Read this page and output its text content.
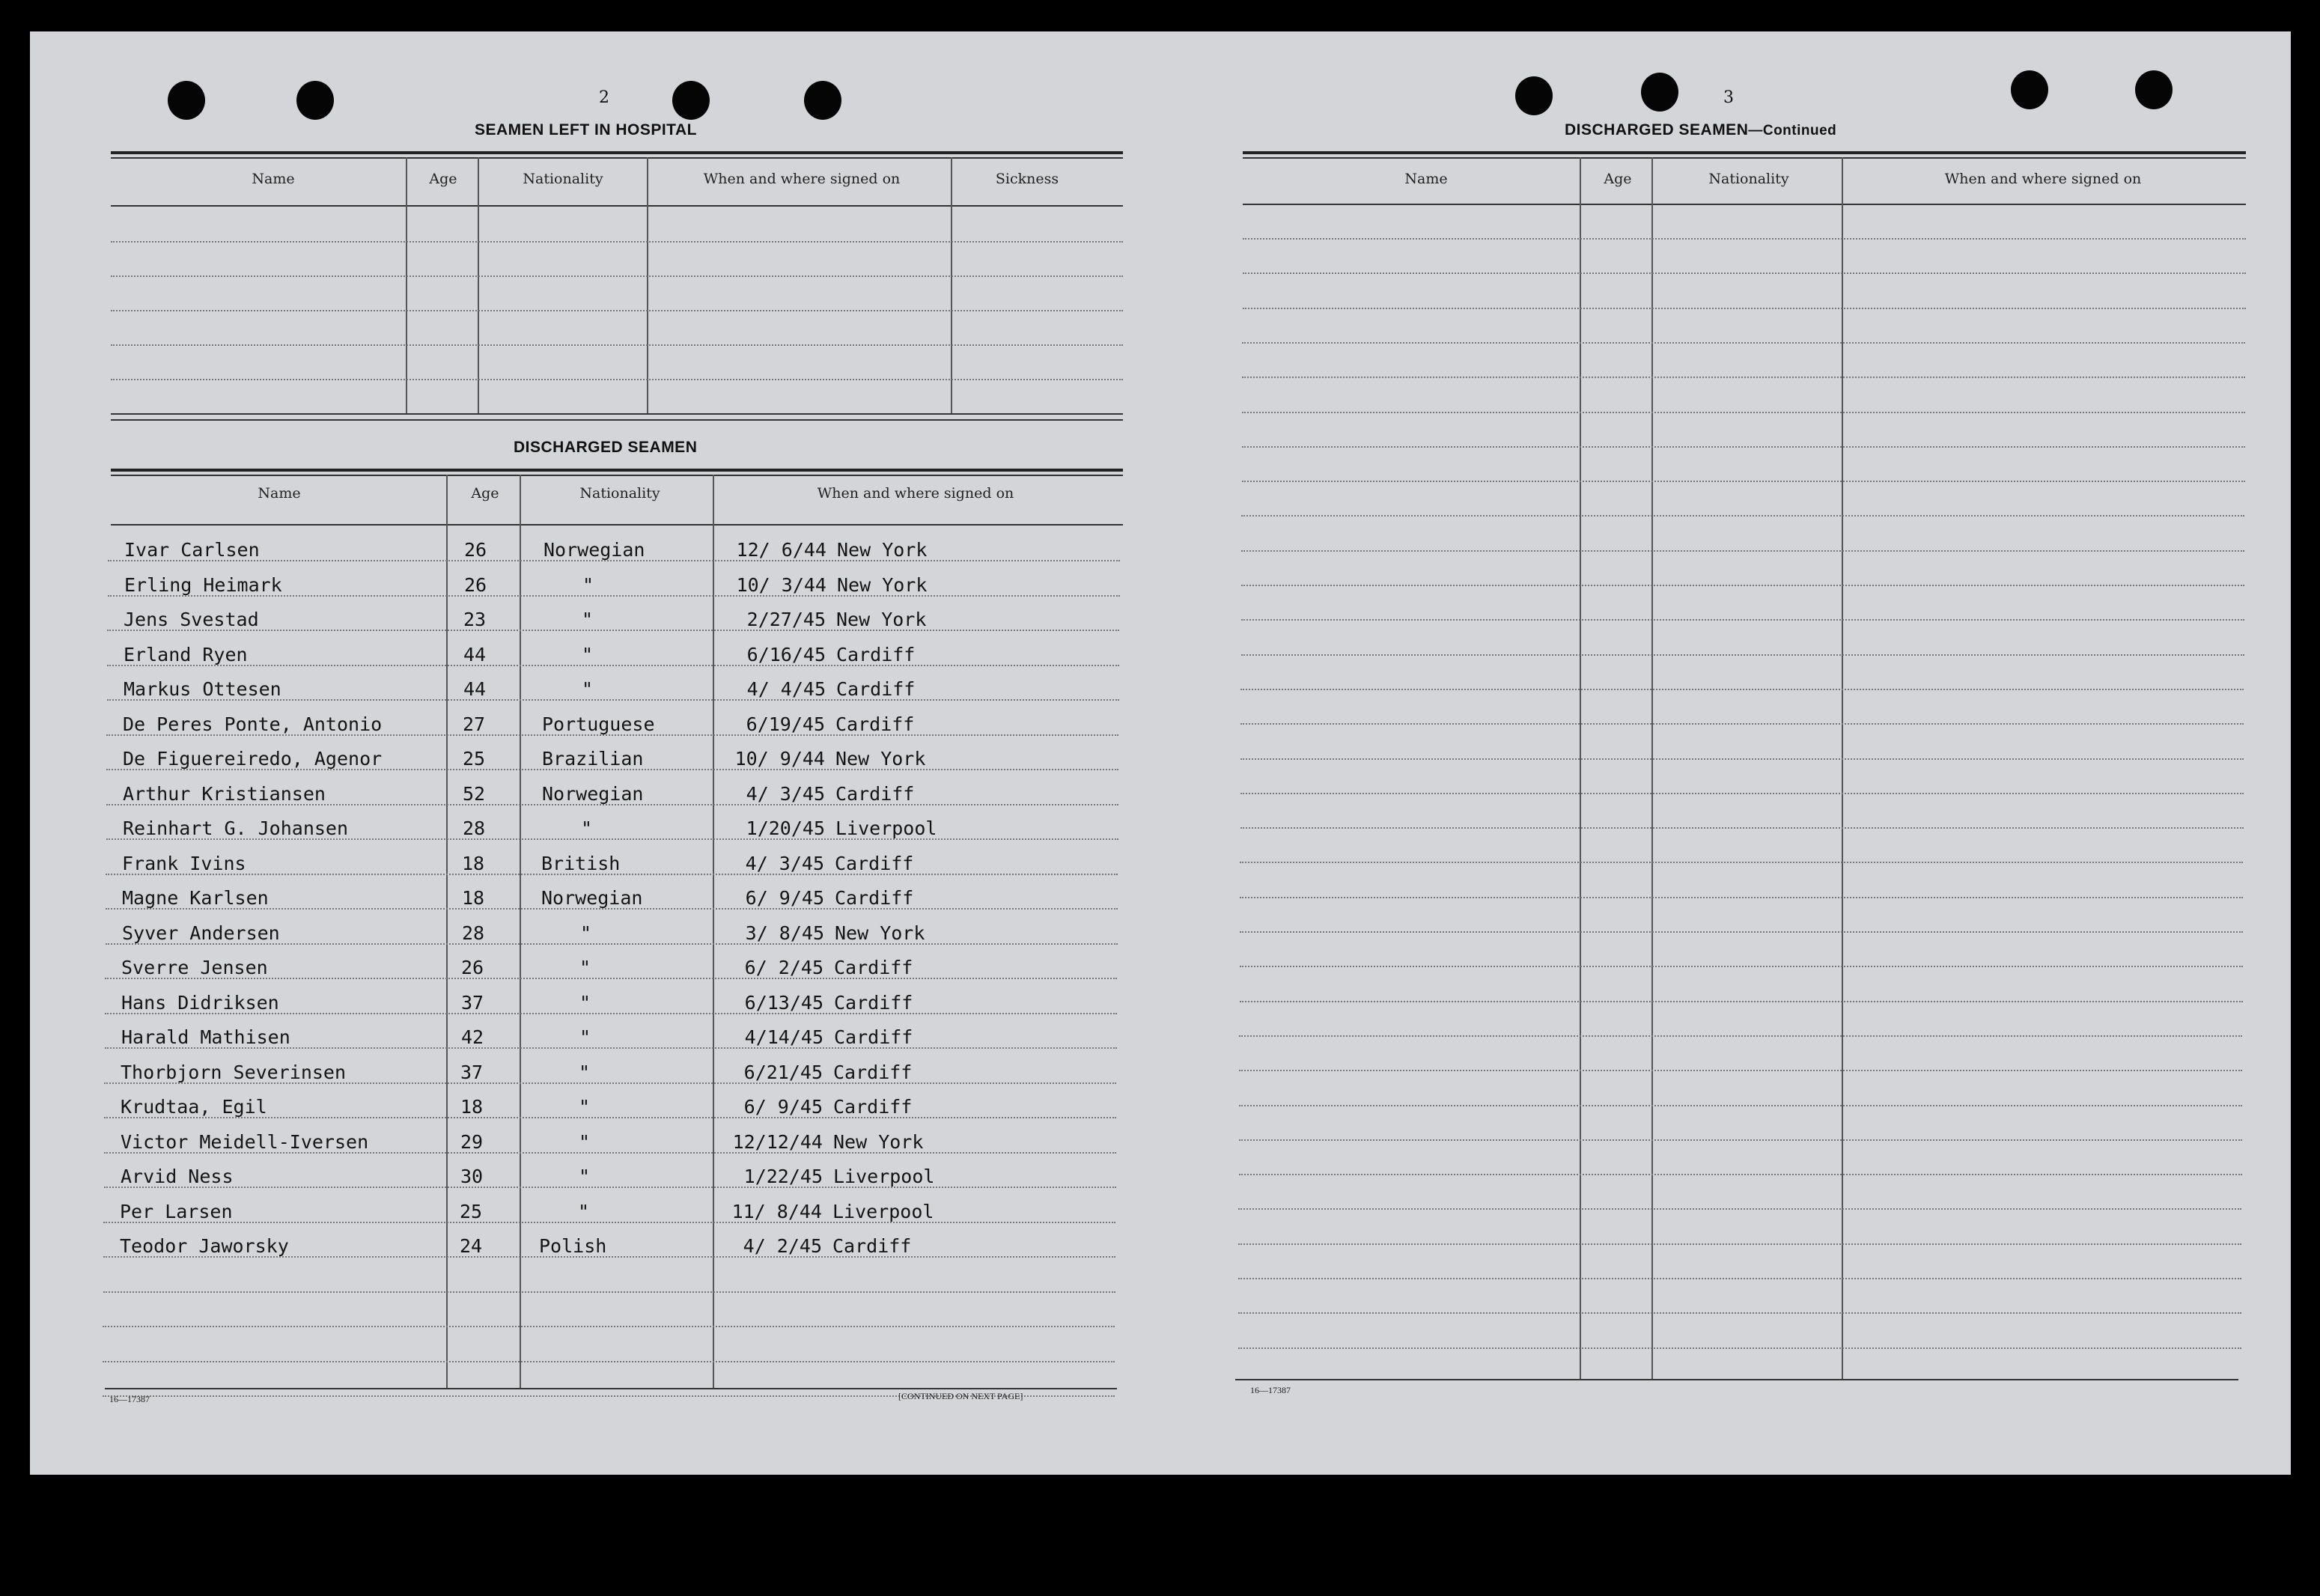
2
SEAMEN LEFT IN HOSPITAL
Name	Age	Nationality	When and where signed on	Sickness
DISCHARGED SEAMEN
Name	Age	Nationality	When and where signed on
Ivar Carlsen	26	Norwegian	12/ 6/44 New York
Erling Heimark	26	"	10/ 3/44 New York
Jens Svestad	23	"	2/27/45 New York
Erland Ryen	44	"	6/16/45 Cardiff
Markus Ottesen	44	"	4/ 4/45 Cardiff
De Peres Ponte, Antonio	27	Portuguese	6/19/45 Cardiff
De Figuereiredo, Agenor	25	Brazilian	10/ 9/44 New York
Arthur Kristiansen	52	Norwegian	4/ 3/45 Cardiff
Reinhart G. Johansen	28	"	1/20/45 Liverpool
Frank Ivins	18	British	4/ 3/45 Cardiff
Magne Karlsen	18	Norwegian	6/ 9/45 Cardiff
Syver Andersen	28	"	3/ 8/45 New York
Sverre Jensen	26	"	6/ 2/45 Cardiff
Hans Didriksen	37	"	6/13/45 Cardiff
Harald Mathisen	42	"	4/14/45 Cardiff
Thorbjorn Severinsen	37	"	6/21/45 Cardiff
Krudtaa, Egil	18	"	6/ 9/45 Cardiff
Victor Meidell-Iversen	29	"	12/12/44 New York
Arvid Ness	30	"	1/22/45 Liverpool
Per Larsen	25	"	11/ 8/44 Liverpool
Teodor Jaworsky	24	Polish	4/ 2/45 Cardiff
16—17387	[CONTINUED ON NEXT PAGE]
3
DISCHARGED SEAMEN—Continued
Name	Age	Nationality	When and where signed on
16—17387
